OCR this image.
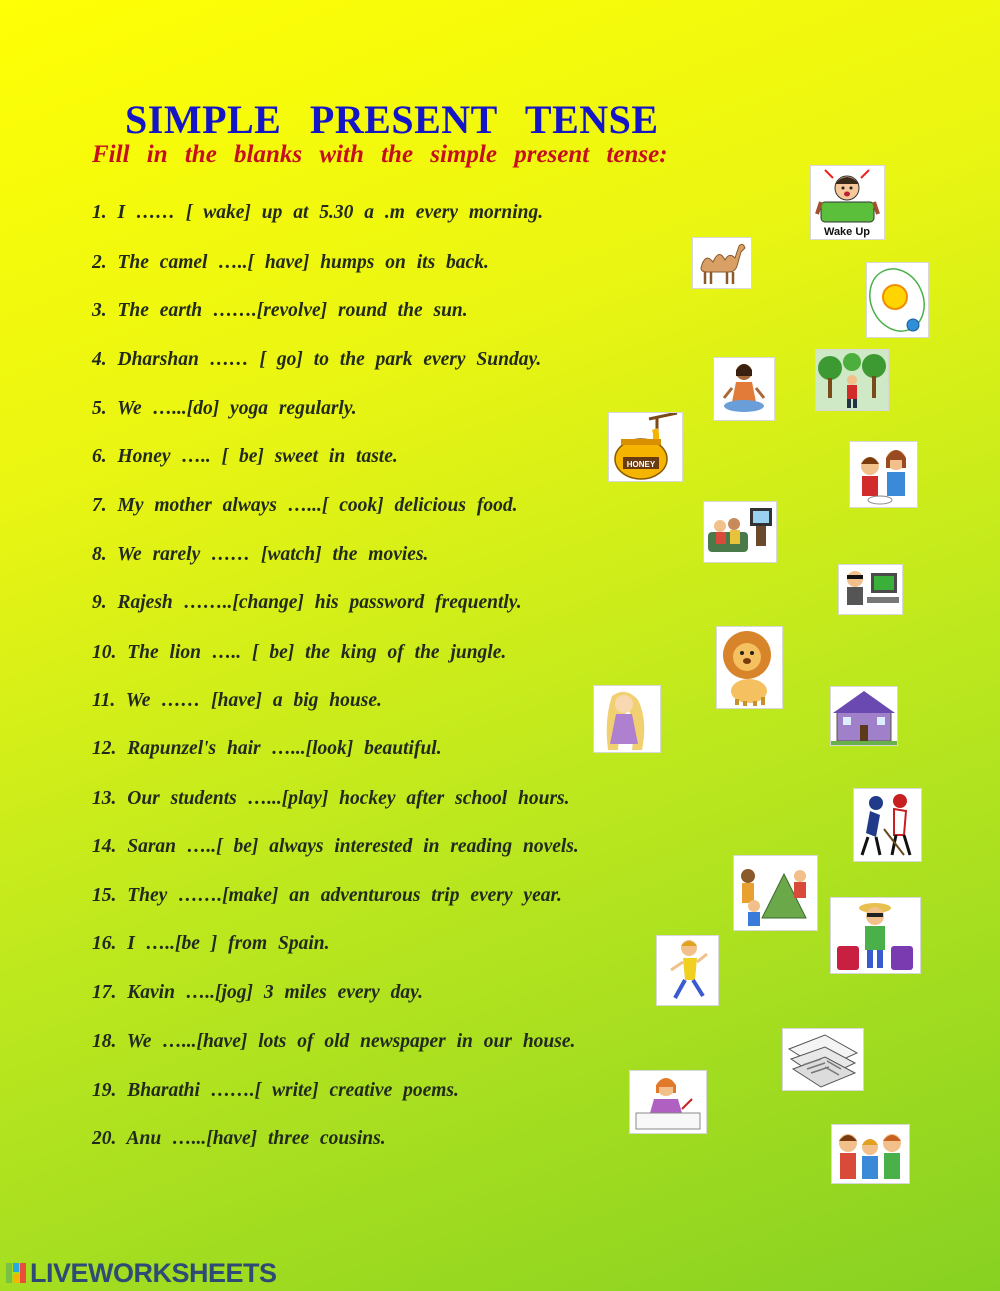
SIMPLE PRESENT TENSE

Fill in the blanks with the simple present tense:

1. I …… [ wake] up at 5.30 a .m every morning.

2. The camel …..[ have] humps on its back.

3. The earth …….[revolve] round the sun.

4. Dharshan …… [ go] to the park every Sunday.

5. We …...[do] yoga regularly.

6. Honey ….. [ be] sweet in taste.

7. My mother always …...[ cook] delicious food.

8. We rarely …… [watch] the movies.

9. Rajesh ……..[change] his password frequently.

10. The lion ….. [ be] the king of the jungle.

11. We …… [have] a big house.

12. Rapunzel's hair …...[look] beautiful.

13. Our students …...[play] hockey after school hours.

14. Saran …..[ be] always interested in reading novels.

15. They …….[make] an adventurous trip every year.

16. I …..[be ] from Spain.

17. Kavin …..[jog] 3 miles every day.

18. We …...[have] lots of old newspaper in our house.

19. Bharathi …….[ write] creative poems.

20. Anu …...[have] three cousins.

Wake Up
HONEY
LIVEWORKSHEETS
